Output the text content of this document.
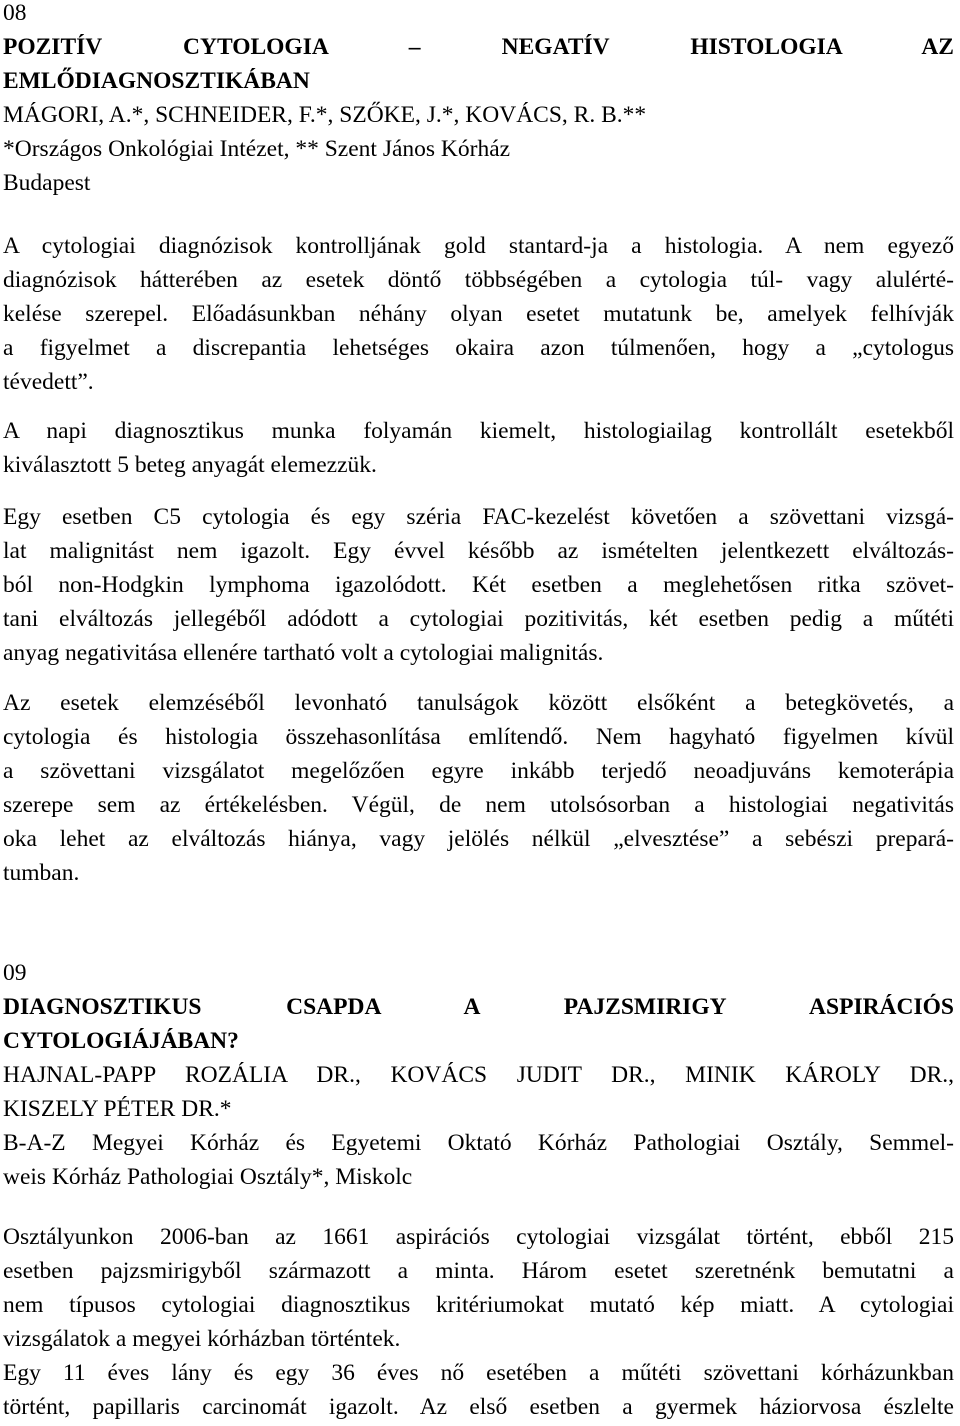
08
POZITÍV CYTOLOGIA – NEGATÍV HISTOLOGIA AZ
EMLŐDIAGNOSZTIKÁBAN
MÁGORI, A.*, SCHNEIDER, F.*, SZŐKE, J.*, KOVÁCS, R. B.**
*Országos Onkológiai Intézet, ** Szent János Kórház
Budapest
A cytologiai diagnózisok kontrolljának gold stantard-ja a histologia. A nem egyező
diagnózisok hátterében az esetek döntő többségében a cytologia túl- vagy alulérté-
kelése szerepel. Előadásunkban néhány olyan esetet mutatunk be, amelyek felhívják
a figyelmet a discrepantia lehetséges okaira azon túlmenően, hogy a „cytologus
tévedett”.
A napi diagnosztikus munka folyamán kiemelt, histologiailag kontrollált esetekből
kiválasztott 5 beteg anyagát elemezzük.
Egy esetben C5 cytologia és egy széria FAC-kezelést követően a szövettani vizsgá-
lat malignitást nem igazolt. Egy évvel később az ismételten jelentkezett elváltozás-
ból non-Hodgkin lymphoma igazolódott. Két esetben a meglehetősen ritka szövet-
tani elváltozás jellegéből adódott a cytologiai pozitivitás, két esetben pedig a műtéti
anyag negativitása ellenére tartható volt a cytologiai malignitás.
Az esetek elemzéséből levonható tanulságok között elsőként a betegkövetés, a
cytologia és histologia összehasonlítása említendő. Nem hagyható figyelmen kívül
a szövettani vizsgálatot megelőzően egyre inkább terjedő neoadjuváns kemoterápia
szerepe sem az értékelésben. Végül, de nem utolsósorban a histologiai negativitás
oka lehet az elváltozás hiánya, vagy jelölés nélkül „elvesztése” a sebészi prepará-
tumban.
09
DIAGNOSZTIKUS CSAPDA A PAJZSMIRIGY ASPIRÁCIÓS
CYTOLOGIÁJÁBAN?
HAJNAL-PAPP ROZÁLIA DR., KOVÁCS JUDIT DR., MINIK KÁROLY DR.,
KISZELY PÉTER DR.*
B-A-Z Megyei Kórház és Egyetemi Oktató Kórház Pathologiai Osztály, Semmel-
weis Kórház Pathologiai Osztály*, Miskolc
Osztályunkon 2006-ban az 1661 aspirációs cytologiai vizsgálat történt, ebből 215
esetben pajzsmirigyből származott a minta. Három esetet szeretnénk bemutatni a
nem típusos cytologiai diagnosztikus kritériumokat mutató kép miatt. A cytologiai
vizsgálatok a megyei kórházban történtek.
Egy 11 éves lány és egy 36 éves nő esetében a műtéti szövettani kórházunkban
történt, papillaris carcinomát igazolt. Az első esetben a gyermek háziorvosa észlelte
